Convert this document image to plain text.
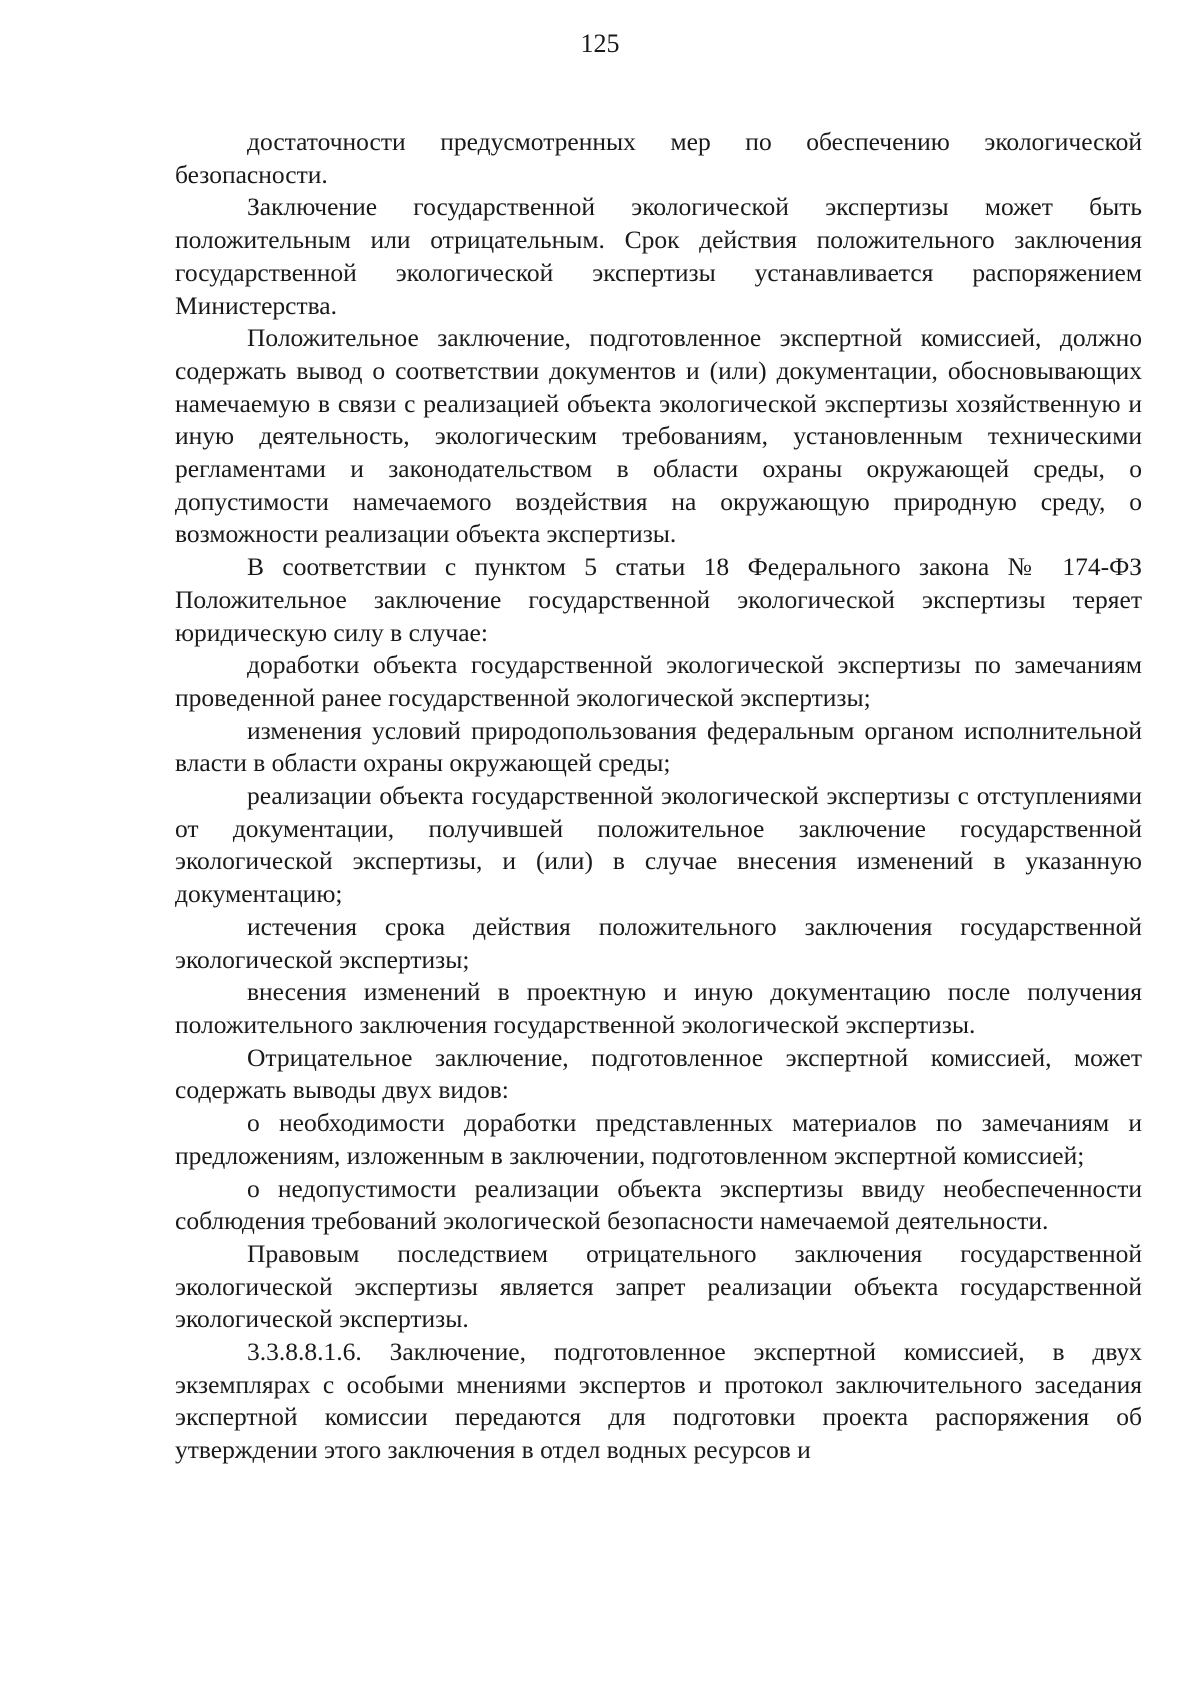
125

достаточности предусмотренных мер по обеспечению экологической безопасности.

Заключение государственной экологической экспертизы может быть положительным или отрицательным. Срок действия положительного заключения государственной экологической экспертизы устанавливается распоряжением Министерства.

Положительное заключение, подготовленное экспертной комиссией, должно содержать вывод о соответствии документов и (или) документации, обосновывающих намечаемую в связи с реализацией объекта экологической экспертизы хозяйственную и иную деятельность, экологическим требованиям, установленным техническими регламентами и законодательством в области охраны окружающей среды, о допустимости намечаемого воздействия на окружающую природную среду, о возможности реализации объекта экспертизы.

В соответствии с пунктом 5 статьи 18 Федерального закона № 174-ФЗ Положительное заключение государственной экологической экспертизы теряет юридическую силу в случае:

доработки объекта государственной экологической экспертизы по замечаниям проведенной ранее государственной экологической экспертизы;

изменения условий природопользования федеральным органом исполнительной власти в области охраны окружающей среды;

реализации объекта государственной экологической экспертизы с отступлениями от документации, получившей положительное заключение государственной экологической экспертизы, и (или) в случае внесения изменений в указанную документацию;

истечения срока действия положительного заключения государственной экологической экспертизы;

внесения изменений в проектную и иную документацию после получения положительного заключения государственной экологической экспертизы.

Отрицательное заключение, подготовленное экспертной комиссией, может содержать выводы двух видов:

о необходимости доработки представленных материалов по замечаниям и предложениям, изложенным в заключении, подготовленном экспертной комиссией;

о недопустимости реализации объекта экспертизы ввиду необеспеченности соблюдения требований экологической безопасности намечаемой деятельности.

Правовым последствием отрицательного заключения государственной экологической экспертизы является запрет реализации объекта государственной экологической экспертизы.

3.3.8.8.1.6. Заключение, подготовленное экспертной комиссией, в двух экземплярах с особыми мнениями экспертов и протокол заключительного заседания экспертной комиссии передаются для подготовки проекта распоряжения об утверждении этого заключения в отдел водных ресурсов и
